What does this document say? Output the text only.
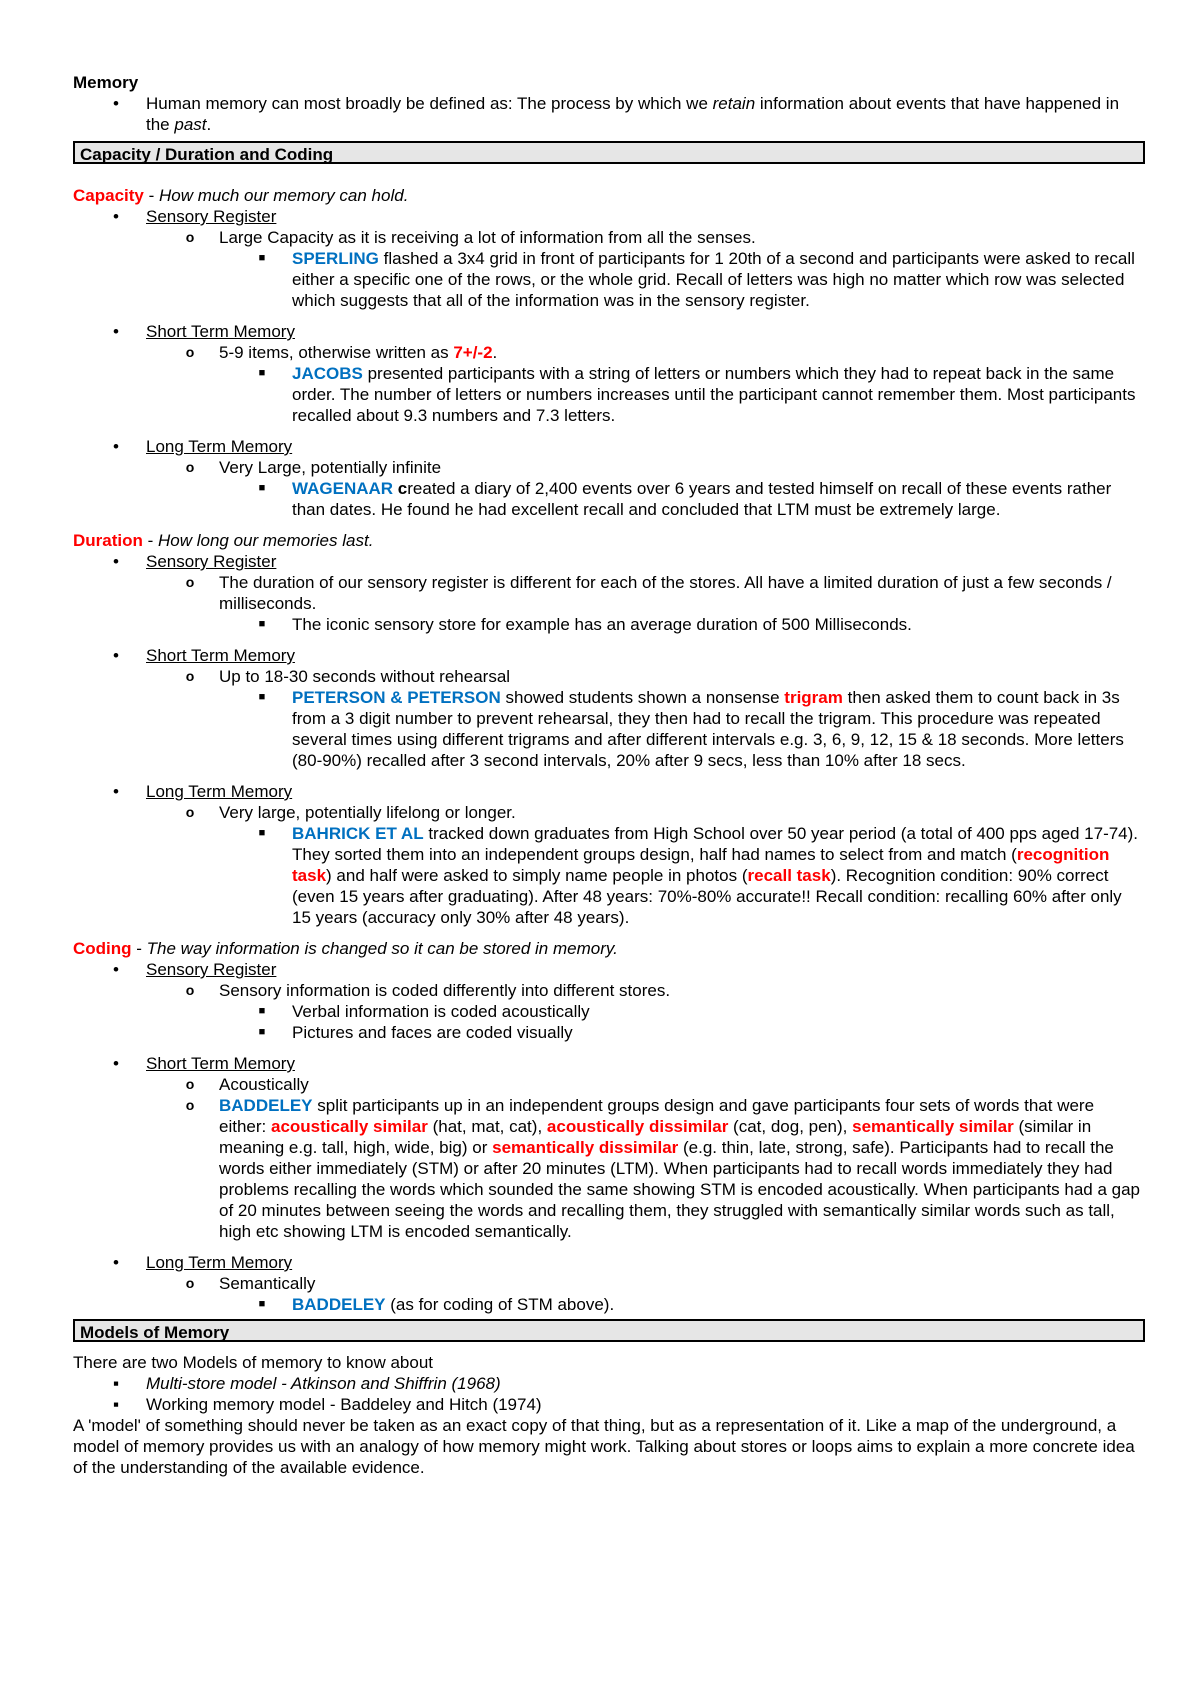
Memory
• Human memory can most broadly be defined as: The process by which we retain information about events that have happened in the past.
Capacity / Duration and Coding
Capacity - How much our memory can hold.
• Sensory Register
o Large Capacity as it is receiving a lot of information from all the senses.
■ SPERLING flashed a 3x4 grid in front of participants for 1 20th of a second and participants were asked to recall either a specific one of the rows, or the whole grid. Recall of letters was high no matter which row was selected which suggests that all of the information was in the sensory register.
• Short Term Memory
o 5-9 items, otherwise written as 7+/-2.
■ JACOBS presented participants with a string of letters or numbers which they had to repeat back in the same order. The number of letters or numbers increases until the participant cannot remember them. Most participants recalled about 9.3 numbers and 7.3 letters.
• Long Term Memory
o Very Large, potentially infinite
■ WAGENAAR created a diary of 2,400 events over 6 years and tested himself on recall of these events rather than dates. He found he had excellent recall and concluded that LTM must be extremely large.
Duration - How long our memories last.
• Sensory Register
o The duration of our sensory register is different for each of the stores. All have a limited duration of just a few seconds / milliseconds.
■ The iconic sensory store for example has an average duration of 500 Milliseconds.
• Short Term Memory
o Up to 18-30 seconds without rehearsal
■ PETERSON & PETERSON showed students shown a nonsense trigram then asked them to count back in 3s from a 3 digit number to prevent rehearsal, they then had to recall the trigram. This procedure was repeated several times using different trigrams and after different intervals e.g. 3, 6, 9, 12, 15 & 18 seconds. More letters (80-90%) recalled after 3 second intervals, 20% after 9 secs, less than 10% after 18 secs.
• Long Term Memory
o Very large, potentially lifelong or longer.
■ BAHRICK ET AL tracked down graduates from High School over 50 year period (a total of 400 pps aged 17-74). They sorted them into an independent groups design, half had names to select from and match (recognition task) and half were asked to simply name people in photos (recall task). Recognition condition: 90% correct (even 15 years after graduating). After 48 years: 70%-80% accurate!! Recall condition: recalling 60% after only 15 years (accuracy only 30% after 48 years).
Coding - The way information is changed so it can be stored in memory.
• Sensory Register
o Sensory information is coded differently into different stores.
■ Verbal information is coded acoustically
■ Pictures and faces are coded visually
• Short Term Memory
o Acoustically
o BADDELEY split participants up in an independent groups design and gave participants four sets of words that were either: acoustically similar (hat, mat, cat), acoustically dissimilar (cat, dog, pen), semantically similar (similar in meaning e.g. tall, high, wide, big) or semantically dissimilar (e.g. thin, late, strong, safe). Participants had to recall the words either immediately (STM) or after 20 minutes (LTM). When participants had to recall words immediately they had problems recalling the words which sounded the same showing STM is encoded acoustically. When participants had a gap of 20 minutes between seeing the words and recalling them, they struggled with semantically similar words such as tall, high etc showing LTM is encoded semantically.
• Long Term Memory
o Semantically
■ BADDELEY (as for coding of STM above).
Models of Memory
There are two Models of memory to know about
▪ Multi-store model - Atkinson and Shiffrin (1968)
▪ Working memory model - Baddeley and Hitch (1974)
A 'model' of something should never be taken as an exact copy of that thing, but as a representation of it. Like a map of the underground, a model of memory provides us with an analogy of how memory might work. Talking about stores or loops aims to explain a more concrete idea of the understanding of the available evidence.
